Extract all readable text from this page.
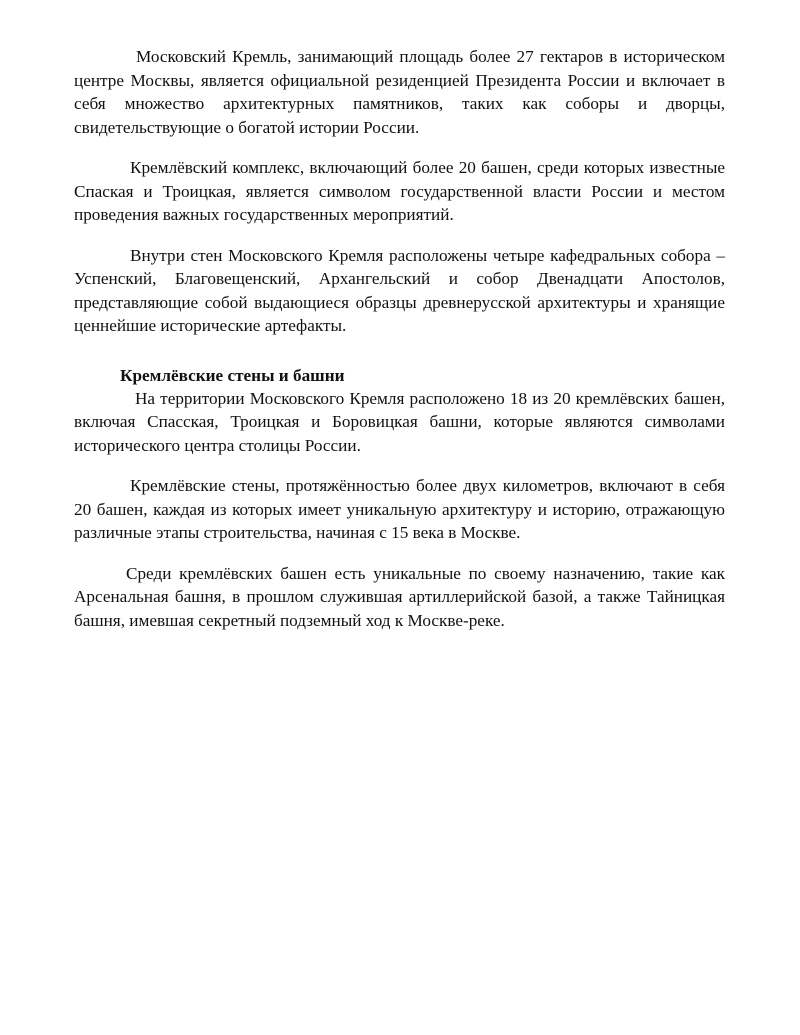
Московский Кремль, занимающий площадь более 27 гектаров в историческом центре Москвы, является официальной резиденцией Президента России и включает в себя множество архитектурных памятников, таких как соборы и дворцы, свидетельствующие о богатой истории России.

Кремлёвский комплекс, включающий более 20 башен, среди которых известные Спаская и Троицкая, является символом государственной власти России и местом проведения важных государственных мероприятий.

Внутри стен Московского Кремля расположены четыре кафедральных собора – Успенский, Благовещенский, Архангельский и собор Двенадцати Апостолов, представляющие собой выдающиеся образцы древнерусской архитектуры и хранящие ценнейшие исторические артефакты.

Кремлёвские стены и башни

На территории Московского Кремля расположено 18 из 20 кремлёвских башен, включая Спасская, Троицкая и Боровицкая башни, которые являются символами исторического центра столицы России.

Кремлёвские стены, протяжённостью более двух километров, включают в себя 20 башен, каждая из которых имеет уникальную архитектуру и историю, отражающую различные этапы строительства, начиная с 15 века в Москве.

Среди кремлёвских башен есть уникальные по своему назначению, такие как Арсенальная башня, в прошлом служившая артиллерийской базой, а также Тайницкая башня, имевшая секретный подземный ход к Москве-реке.
